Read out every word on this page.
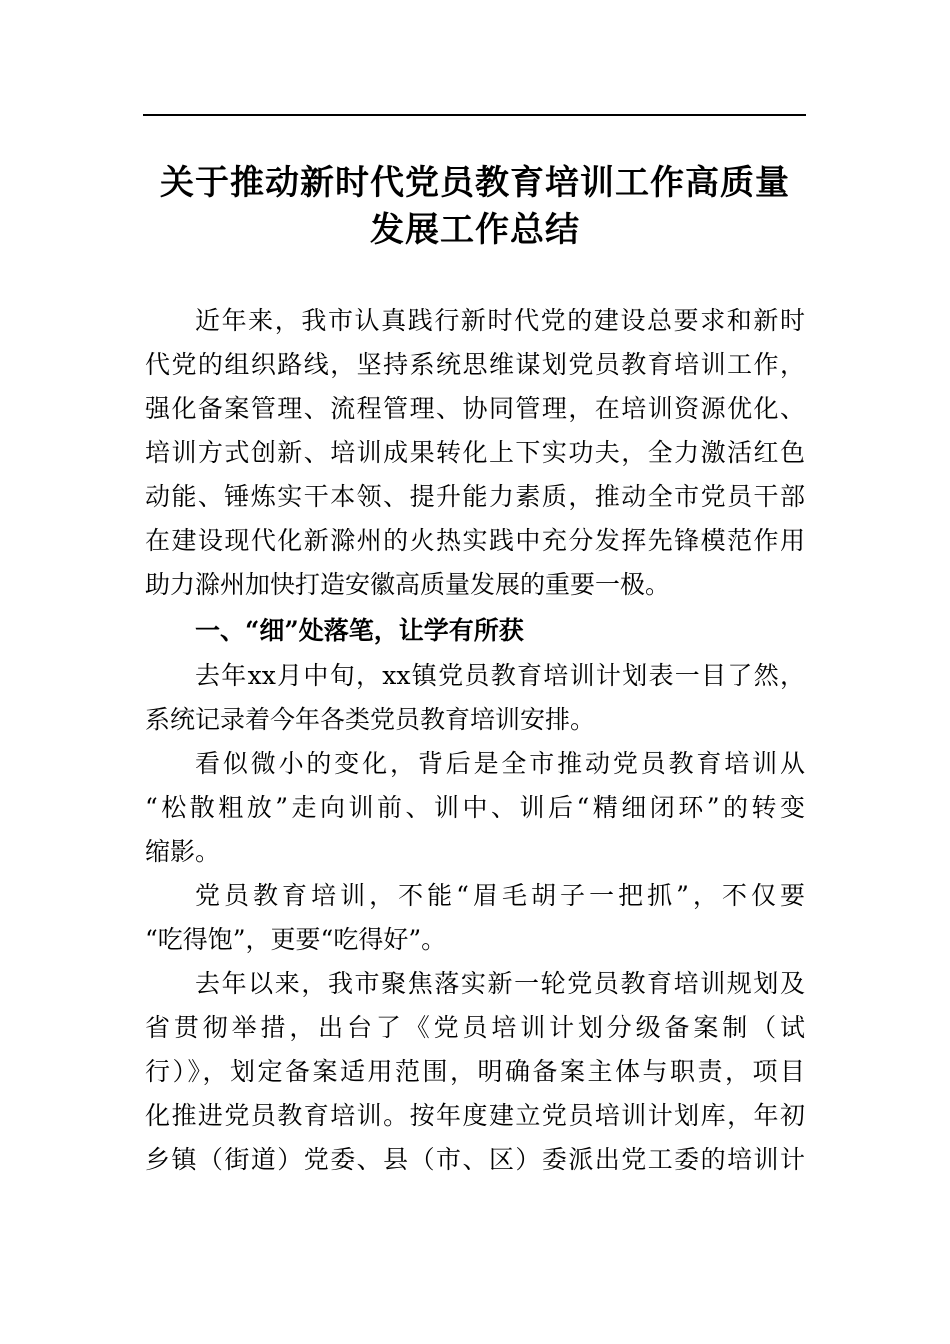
关于推动新时代党员教育培训工作高质量
发展工作总结
近年来，我市认真践行新时代党的建设总要求和新时
代党的组织路线，坚持系统思维谋划党员教育培训工作，
强化备案管理、流程管理、协同管理，在培训资源优化、
培训方式创新、培训成果转化上下实功夫，全力激活红色
动能、锤炼实干本领、提升能力素质，推动全市党员干部
在建设现代化新滁州的火热实践中充分发挥先锋模范作用
助力滁州加快打造安徽高质量发展的重要一极。
一、“细”处落笔，让学有所获
去年xx月中旬，xx镇党员教育培训计划表一目了然，
系统记录着今年各类党员教育培训安排。
看似微小的变化，背后是全市推动党员教育培训从
“松散粗放”走向训前、训中、训后“精细闭环”的转变
缩影。
党员教育培训，不能“眉毛胡子一把抓”，不仅要
“吃得饱”，更要“吃得好”。
去年以来，我市聚焦落实新一轮党员教育培训规划及
省贯彻举措，出台了《党员培训计划分级备案制（试
行）》，划定备案适用范围，明确备案主体与职责，项目
化推进党员教育培训。按年度建立党员培训计划库，年初
乡镇（街道）党委、县（市、区）委派出党工委的培训计
